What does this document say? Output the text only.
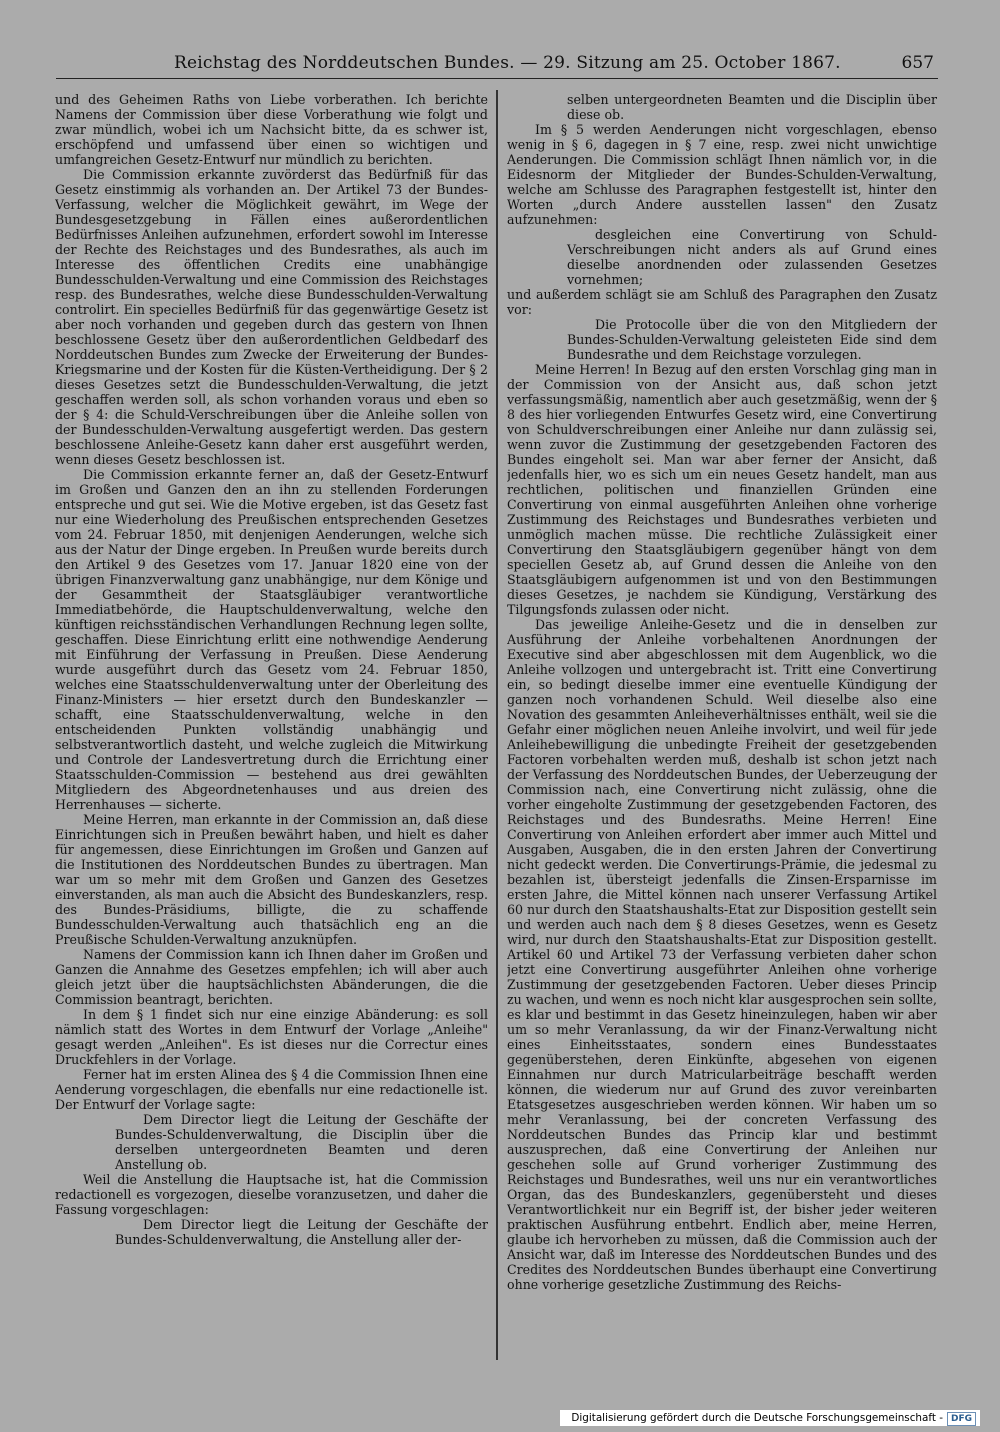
Reichstag des Norddeutschen Bundes. — 29. Sitzung am 25. October 1867.	657

und des Geheimen Raths von Liebe vorberathen. Ich berichte Namens der Commission über diese Vorberathung wie folgt und zwar mündlich, wobei ich um Nachsicht bitte, da es schwer ist, erschöpfend und umfassend über einen so wichtigen und umfangreichen Gesetz-Entwurf nur mündlich zu berichten.

Die Commission erkannte zuvörderst das Bedürfniß für das Gesetz einstimmig als vorhanden an. Der Artikel 73 der Bundes-Verfassung, welcher die Möglichkeit gewährt, im Wege der Bundesgesetzgebung in Fällen eines außerordentlichen Bedürfnisses Anleihen aufzunehmen, erfordert sowohl im Interesse der Rechte des Reichstages und des Bundesrathes, als auch im Interesse des öffentlichen Credits eine unabhängige Bundesschulden-Verwaltung und eine Commission des Reichstages resp. des Bundesrathes, welche diese Bundesschulden-Verwaltung controlirt. Ein specielles Bedürfniß für das gegenwärtige Gesetz ist aber noch vorhanden und gegeben durch das gestern von Ihnen beschlossene Gesetz über den außerordentlichen Geldbedarf des Norddeutschen Bundes zum Zwecke der Erweiterung der Bundes-Kriegsmarine und der Kosten für die Küsten-Vertheidigung. Der § 2 dieses Gesetzes setzt die Bundesschulden-Verwaltung, die jetzt geschaffen werden soll, als schon vorhanden voraus und eben so der § 4: die Schuld-Verschreibungen über die Anleihe sollen von der Bundesschulden-Verwaltung ausgefertigt werden. Das gestern beschlossene Anleihe-Gesetz kann daher erst ausgeführt werden, wenn dieses Gesetz beschlossen ist.

Die Commission erkannte ferner an, daß der Gesetz-Entwurf im Großen und Ganzen den an ihn zu stellenden Forderungen entspreche und gut sei. Wie die Motive ergeben, ist das Gesetz fast nur eine Wiederholung des Preußischen entsprechenden Gesetzes vom 24. Februar 1850, mit denjenigen Aenderungen, welche sich aus der Natur der Dinge ergeben. In Preußen wurde bereits durch den Artikel 9 des Gesetzes vom 17. Januar 1820 eine von der übrigen Finanzverwaltung ganz unabhängige, nur dem Könige und der Gesammtheit der Staatsgläubiger verantwortliche Immediatbehörde, die Hauptschuldenverwaltung, welche den künftigen reichsständischen Verhandlungen Rechnung legen sollte, geschaffen. Diese Einrichtung erlitt eine nothwendige Aenderung mit Einführung der Verfassung in Preußen. Diese Aenderung wurde ausgeführt durch das Gesetz vom 24. Februar 1850, welches eine Staatsschuldenverwaltung unter der Oberleitung des Finanz-Ministers — hier ersetzt durch den Bundeskanzler — schafft, eine Staatsschuldenverwaltung, welche in den entscheidenden Punkten vollständig unabhängig und selbstverantwortlich dasteht, und welche zugleich die Mitwirkung und Controle der Landesvertretung durch die Errichtung einer Staatsschulden-Commission — bestehend aus drei gewählten Mitgliedern des Abgeordnetenhauses und aus dreien des Herrenhauses — sicherte.

Meine Herren, man erkannte in der Commission an, daß diese Einrichtungen sich in Preußen bewährt haben, und hielt es daher für angemessen, diese Einrichtungen im Großen und Ganzen auf die Institutionen des Norddeutschen Bundes zu übertragen. Man war um so mehr mit dem Großen und Ganzen des Gesetzes einverstanden, als man auch die Absicht des Bundeskanzlers, resp. des Bundes-Präsidiums, billigte, die zu schaffende Bundesschulden-Verwaltung auch thatsächlich eng an die Preußische Schulden-Verwaltung anzuknüpfen.

Namens der Commission kann ich Ihnen daher im Großen und Ganzen die Annahme des Gesetzes empfehlen; ich will aber auch gleich jetzt über die hauptsächlichsten Abänderungen, die die Commission beantragt, berichten.

In dem § 1 findet sich nur eine einzige Abänderung: es soll nämlich statt des Wortes in dem Entwurf der Vorlage „Anleihe" gesagt werden „Anleihen". Es ist dieses nur die Correctur eines Druckfehlers in der Vorlage.

Ferner hat im ersten Alinea des § 4 die Commission Ihnen eine Aenderung vorgeschlagen, die ebenfalls nur eine redactionelle ist. Der Entwurf der Vorlage sagte:

Dem Director liegt die Leitung der Geschäfte der Bundes-Schuldenverwaltung, die Disciplin über die derselben untergeordneten Beamten und deren Anstellung ob.

Weil die Anstellung die Hauptsache ist, hat die Commission redactionell es vorgezogen, dieselbe voranzusetzen, und daher die Fassung vorgeschlagen:

Dem Director liegt die Leitung der Geschäfte der Bundes-Schuldenverwaltung, die Anstellung aller der-

selben untergeordneten Beamten und die Disciplin über diese ob.

Im § 5 werden Aenderungen nicht vorgeschlagen, ebenso wenig in § 6, dagegen in § 7 eine, resp. zwei nicht unwichtige Aenderungen. Die Commission schlägt Ihnen nämlich vor, in die Eidesnorm der Mitglieder der Bundes-Schulden-Verwaltung, welche am Schlusse des Paragraphen festgestellt ist, hinter den Worten „durch Andere ausstellen lassen" den Zusatz aufzunehmen:

desgleichen eine Convertirung von Schuld-Verschreibungen nicht anders als auf Grund eines dieselbe anordnenden oder zulassenden Gesetzes vornehmen;

und außerdem schlägt sie am Schluß des Paragraphen den Zusatz vor:

Die Protocolle über die von den Mitgliedern der Bundes-Schulden-Verwaltung geleisteten Eide sind dem Bundesrathe und dem Reichstage vorzulegen.

Meine Herren! In Bezug auf den ersten Vorschlag ging man in der Commission von der Ansicht aus, daß schon jetzt verfassungsmäßig, namentlich aber auch gesetzmäßig, wenn der § 8 des hier vorliegenden Entwurfes Gesetz wird, eine Convertirung von Schuldverschreibungen einer Anleihe nur dann zulässig sei, wenn zuvor die Zustimmung der gesetzgebenden Factoren des Bundes eingeholt sei. Man war aber ferner der Ansicht, daß jedenfalls hier, wo es sich um ein neues Gesetz handelt, man aus rechtlichen, politischen und finanziellen Gründen eine Convertirung von einmal ausgeführten Anleihen ohne vorherige Zustimmung des Reichstages und Bundesrathes verbieten und unmöglich machen müsse. Die rechtliche Zulässigkeit einer Convertirung den Staatsgläubigern gegenüber hängt von dem speciellen Gesetz ab, auf Grund dessen die Anleihe von den Staatsgläubigern aufgenommen ist und von den Bestimmungen dieses Gesetzes, je nachdem sie Kündigung, Verstärkung des Tilgungsfonds zulassen oder nicht.

Das jeweilige Anleihe-Gesetz und die in denselben zur Ausführung der Anleihe vorbehaltenen Anordnungen der Executive sind aber abgeschlossen mit dem Augenblick, wo die Anleihe vollzogen und untergebracht ist. Tritt eine Convertirung ein, so bedingt dieselbe immer eine eventuelle Kündigung der ganzen noch vorhandenen Schuld. Weil dieselbe also eine Novation des gesammten Anleiheverhältnisses enthält, weil sie die Gefahr einer möglichen neuen Anleihe involvirt, und weil für jede Anleihebewilligung die unbedingte Freiheit der gesetzgebenden Factoren vorbehalten werden muß, deshalb ist schon jetzt nach der Verfassung des Norddeutschen Bundes, der Ueberzeugung der Commission nach, eine Convertirung nicht zulässig, ohne die vorher eingeholte Zustimmung der gesetzgebenden Factoren, des Reichstages und des Bundesraths. Meine Herren! Eine Convertirung von Anleihen erfordert aber immer auch Mittel und Ausgaben, Ausgaben, die in den ersten Jahren der Convertirung nicht gedeckt werden. Die Convertirungs-Prämie, die jedesmal zu bezahlen ist, übersteigt jedenfalls die Zinsen-Ersparnisse im ersten Jahre, die Mittel können nach unserer Verfassung Artikel 60 nur durch den Staatshaushalts-Etat zur Disposition gestellt sein und werden auch nach dem § 8 dieses Gesetzes, wenn es Gesetz wird, nur durch den Staatshaushalts-Etat zur Disposition gestellt. Artikel 60 und Artikel 73 der Verfassung verbieten daher schon jetzt eine Convertirung ausgeführter Anleihen ohne vorherige Zustimmung der gesetzgebenden Factoren. Ueber dieses Princip zu wachen, und wenn es noch nicht klar ausgesprochen sein sollte, es klar und bestimmt in das Gesetz hineinzulegen, haben wir aber um so mehr Veranlassung, da wir der Finanz-Verwaltung nicht eines Einheitsstaates, sondern eines Bundesstaates gegenüberstehen, deren Einkünfte, abgesehen von eigenen Einnahmen nur durch Matricularbeiträge beschafft werden können, die wiederum nur auf Grund des zuvor vereinbarten Etatsgesetzes ausgeschrieben werden können. Wir haben um so mehr Veranlassung, bei der concreten Verfassung des Norddeutschen Bundes das Princip klar und bestimmt auszusprechen, daß eine Convertirung der Anleihen nur geschehen solle auf Grund vorheriger Zustimmung des Reichstages und Bundesrathes, weil uns nur ein verantwortliches Organ, das des Bundeskanzlers, gegenübersteht und dieses Verantwortlichkeit nur ein Begriff ist, der bisher jeder weiteren praktischen Ausführung entbehrt. Endlich aber, meine Herren, glaube ich hervorheben zu müssen, daß die Commission auch der Ansicht war, daß im Interesse des Norddeutschen Bundes und des Credites des Norddeutschen Bundes überhaupt eine Convertirung ohne vorherige gesetzliche Zustimmung des Reichs-

Digitalisierung gefördert durch die Deutsche Forschungsgemeinschaft - DFG
